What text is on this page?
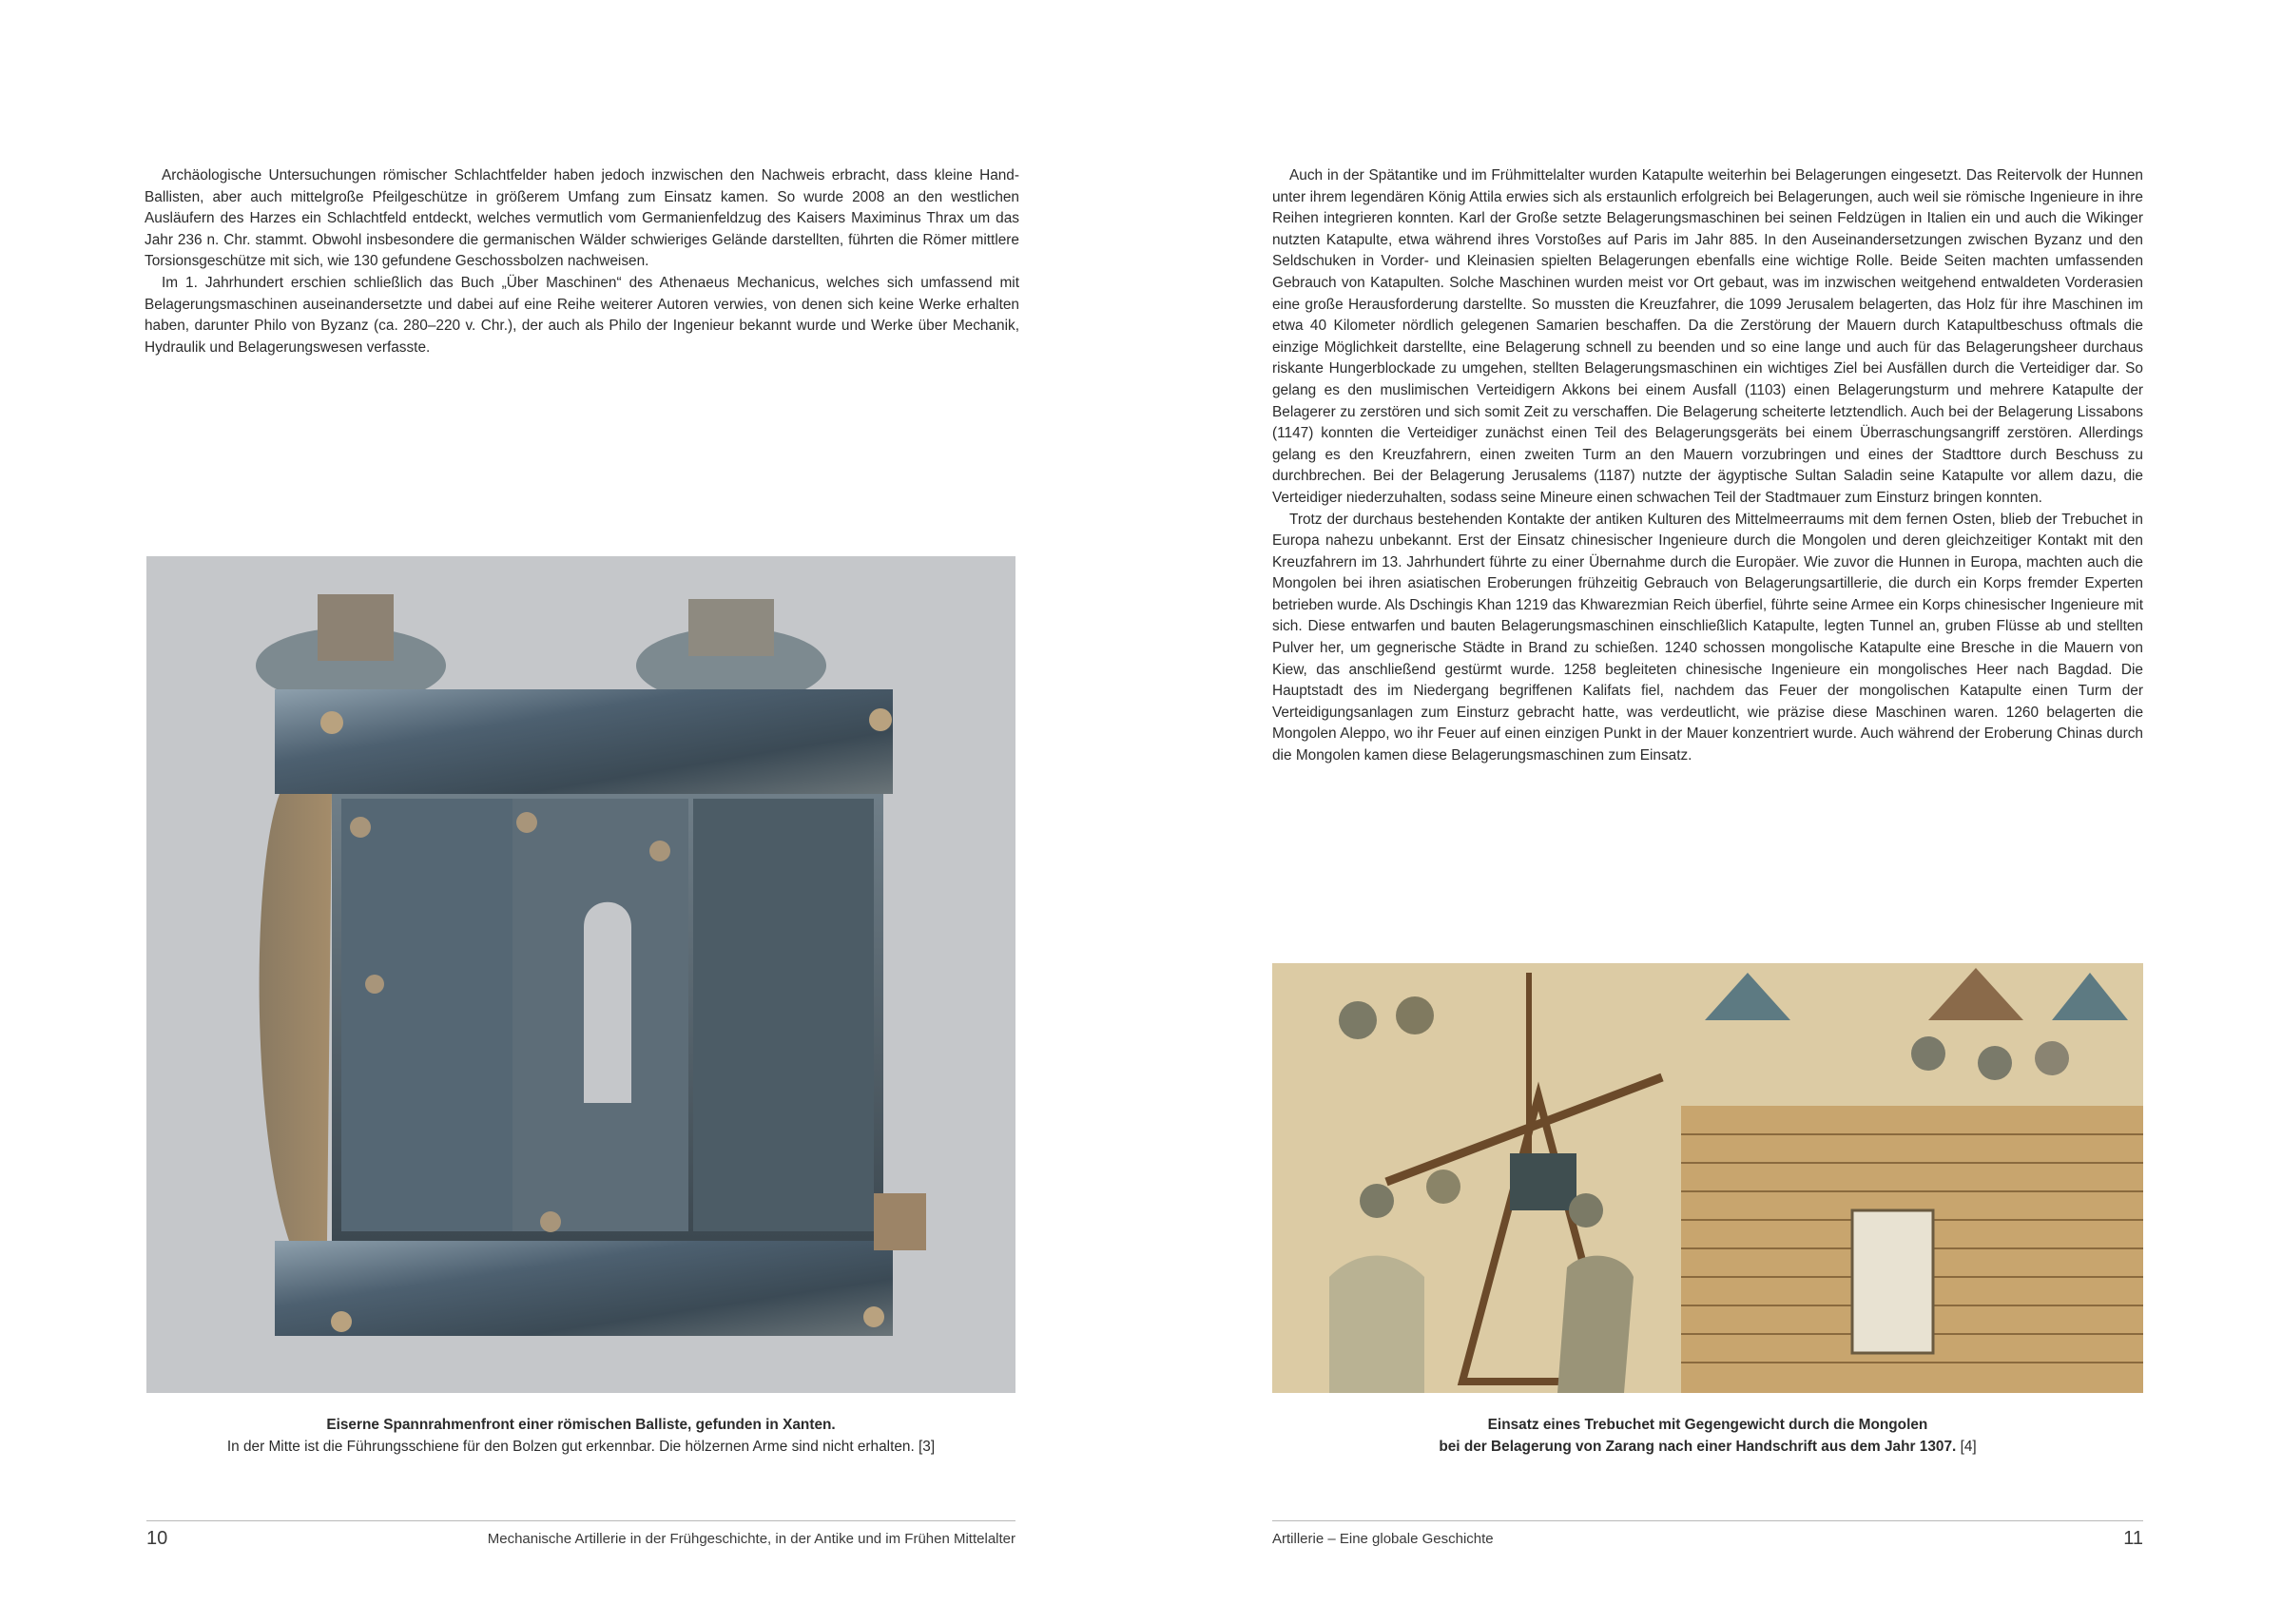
Archäologische Untersuchungen römischer Schlachtfelder haben jedoch inzwischen den Nachweis erbracht, dass kleine Hand-Ballisten, aber auch mittelgroße Pfeilgeschütze in größerem Umfang zum Einsatz kamen. So wurde 2008 an den westlichen Ausläufern des Harzes ein Schlachtfeld entdeckt, welches vermutlich vom Germanienfeldzug des Kaisers Maximinus Thrax um das Jahr 236 n. Chr. stammt. Obwohl insbesondere die germanischen Wälder schwieriges Gelände darstellten, führten die Römer mittlere Torsionsgeschütze mit sich, wie 130 gefundene Geschossbolzen nachweisen.

Im 1. Jahrhundert erschien schließlich das Buch „Über Maschinen“ des Athenaeus Mechanicus, welches sich umfassend mit Belagerungsmaschinen auseinandersetzte und dabei auf eine Reihe weiterer Autoren verwies, von denen sich keine Werke erhalten haben, darunter Philo von Byzanz (ca. 280–220 v. Chr.), der auch als Philo der Ingenieur bekannt wurde und Werke über Mechanik, Hydraulik und Belagerungswesen verfasste.

Eiserne Spannrahmenfront einer römischen Balliste, gefunden in Xanten.
In der Mitte ist die Führungsschiene für den Bolzen gut erkennbar. Die hölzernen Arme sind nicht erhalten. [3]
10	Mechanische Artillerie in der Frühgeschichte, in der Antike und im Frühen Mittelalter

Auch in der Spätantike und im Frühmittelalter wurden Katapulte weiterhin bei Belagerungen eingesetzt. Das Reitervolk der Hunnen unter ihrem legendären König Attila erwies sich als erstaunlich erfolgreich bei Belagerungen, auch weil sie römische Ingenieure in ihre Reihen integrieren konnten. Karl der Große setzte Belagerungsmaschinen bei seinen Feldzügen in Italien ein und auch die Wikinger nutzten Katapulte, etwa während ihres Vorstoßes auf Paris im Jahr 885. In den Auseinandersetzungen zwischen Byzanz und den Seldschuken in Vorder- und Kleinasien spielten Belagerungen ebenfalls eine wichtige Rolle. Beide Seiten machten umfassenden Gebrauch von Katapulten. Solche Maschinen wurden meist vor Ort gebaut, was im inzwischen weitgehend entwaldeten Vorderasien eine große Herausforderung darstellte. So mussten die Kreuzfahrer, die 1099 Jerusalem belagerten, das Holz für ihre Maschinen im etwa 40 Kilometer nördlich gelegenen Samarien beschaffen. Da die Zerstörung der Mauern durch Katapultbeschuss oftmals die einzige Möglichkeit darstellte, eine Belagerung schnell zu beenden und so eine lange und auch für das Belagerungsheer durchaus riskante Hungerblockade zu umgehen, stellten Belagerungsmaschinen ein wichtiges Ziel bei Ausfällen durch die Verteidiger dar. So gelang es den muslimischen Verteidigern Akkons bei einem Ausfall (1103) einen Belagerungsturm und mehrere Katapulte der Belagerer zu zerstören und sich somit Zeit zu verschaffen. Die Belagerung scheiterte letztendlich. Auch bei der Belagerung Lissabons (1147) konnten die Verteidiger zunächst einen Teil des Belagerungsgeräts bei einem Überraschungsangriff zerstören. Allerdings gelang es den Kreuzfahrern, einen zweiten Turm an den Mauern vorzubringen und eines der Stadttore durch Beschuss zu durchbrechen. Bei der Belagerung Jerusalems (1187) nutzte der ägyptische Sultan Saladin seine Katapulte vor allem dazu, die Verteidiger niederzuhalten, sodass seine Mineure einen schwachen Teil der Stadtmauer zum Einsturz bringen konnten.

Trotz der durchaus bestehenden Kontakte der antiken Kulturen des Mittelmeerraums mit dem fernen Osten, blieb der Trebuchet in Europa nahezu unbekannt. Erst der Einsatz chinesischer Ingenieure durch die Mongolen und deren gleichzeitiger Kontakt mit den Kreuzfahrern im 13. Jahrhundert führte zu einer Übernahme durch die Europäer. Wie zuvor die Hunnen in Europa, machten auch die Mongolen bei ihren asiatischen Eroberungen frühzeitig Gebrauch von Belagerungsartillerie, die durch ein Korps fremder Experten betrieben wurde. Als Dschingis Khan 1219 das Khwarezmian Reich überfiel, führte seine Armee ein Korps chinesischer Ingenieure mit sich. Diese entwarfen und bauten Belagerungsmaschinen einschließlich Katapulte, legten Tunnel an, gruben Flüsse ab und stellten Pulver her, um gegnerische Städte in Brand zu schießen. 1240 schossen mongolische Katapulte eine Bresche in die Mauern von Kiew, das anschließend gestürmt wurde. 1258 begleiteten chinesische Ingenieure ein mongolisches Heer nach Bagdad. Die Hauptstadt des im Niedergang begriffenen Kalifats fiel, nachdem das Feuer der mongolischen Katapulte einen Turm der Verteidigungsanlagen zum Einsturz gebracht hatte, was verdeutlicht, wie präzise diese Maschinen waren. 1260 belagerten die Mongolen Aleppo, wo ihr Feuer auf einen einzigen Punkt in der Mauer konzentriert wurde. Auch während der Eroberung Chinas durch die Mongolen kamen diese Belagerungsmaschinen zum Einsatz.

Einsatz eines Trebuchet mit Gegengewicht durch die Mongolen
bei der Belagerung von Zarang nach einer Handschrift aus dem Jahr 1307. [4]
Artillerie – Eine globale Geschichte	11
